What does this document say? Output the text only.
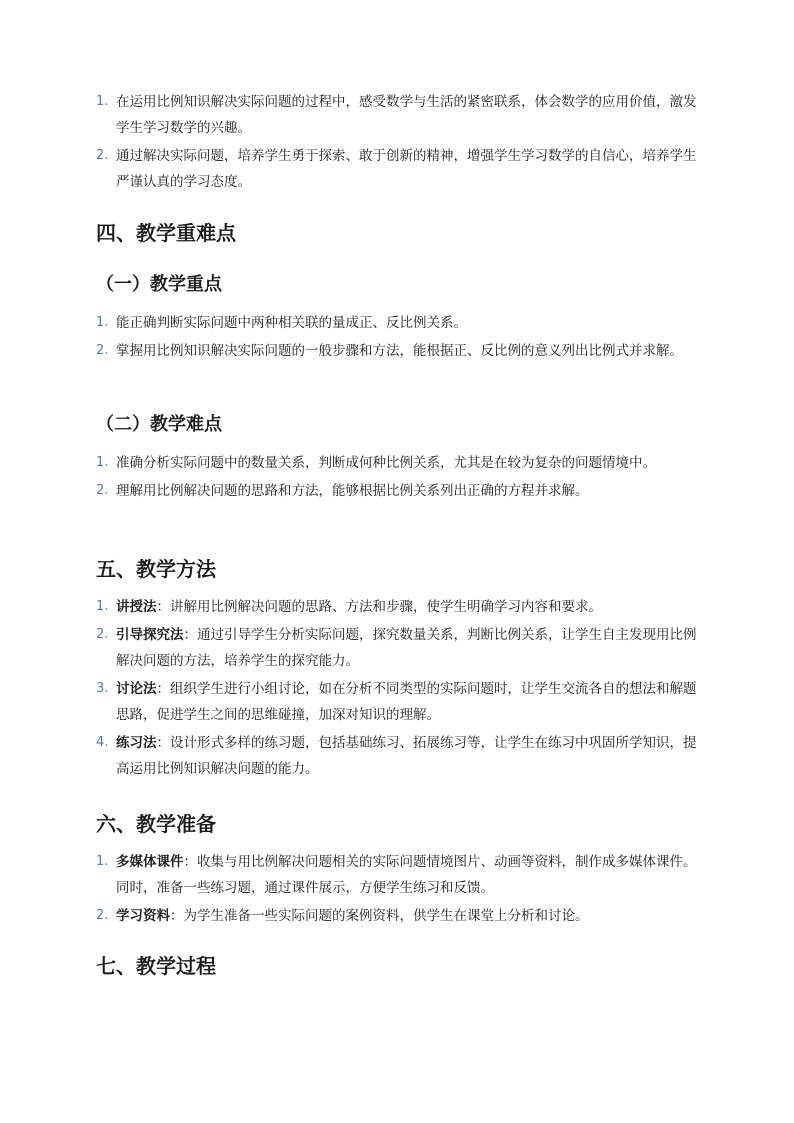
1. 在运用比例知识解决实际问题的过程中，感受数学与生活的紧密联系，体会数学的应用价值，激发学生学习数学的兴趣。
2. 通过解决实际问题，培养学生勇于探索、敢于创新的精神，增强学生学习数学的自信心，培养学生严谨认真的学习态度。
四、教学重难点
（一）教学重点
1. 能正确判断实际问题中两种相关联的量成正、反比例关系。
2. 掌握用比例知识解决实际问题的一般步骤和方法，能根据正、反比例的意义列出比例式并求解。
（二）教学难点
1. 准确分析实际问题中的数量关系，判断成何种比例关系，尤其是在较为复杂的问题情境中。
2. 理解用比例解决问题的思路和方法，能够根据比例关系列出正确的方程并求解。
五、教学方法
1. 讲授法：讲解用比例解决问题的思路、方法和步骤，使学生明确学习内容和要求。
2. 引导探究法：通过引导学生分析实际问题，探究数量关系，判断比例关系，让学生自主发现用比例解决问题的方法，培养学生的探究能力。
3. 讨论法：组织学生进行小组讨论，如在分析不同类型的实际问题时，让学生交流各自的想法和解题思路，促进学生之间的思维碰撞，加深对知识的理解。
4. 练习法：设计形式多样的练习题，包括基础练习、拓展练习等，让学生在练习中巩固所学知识，提高运用比例知识解决问题的能力。
六、教学准备
1. 多媒体课件：收集与用比例解决问题相关的实际问题情境图片、动画等资料，制作成多媒体课件。同时，准备一些练习题，通过课件展示，方便学生练习和反馈。
2. 学习资料：为学生准备一些实际问题的案例资料，供学生在课堂上分析和讨论。
七、教学过程
